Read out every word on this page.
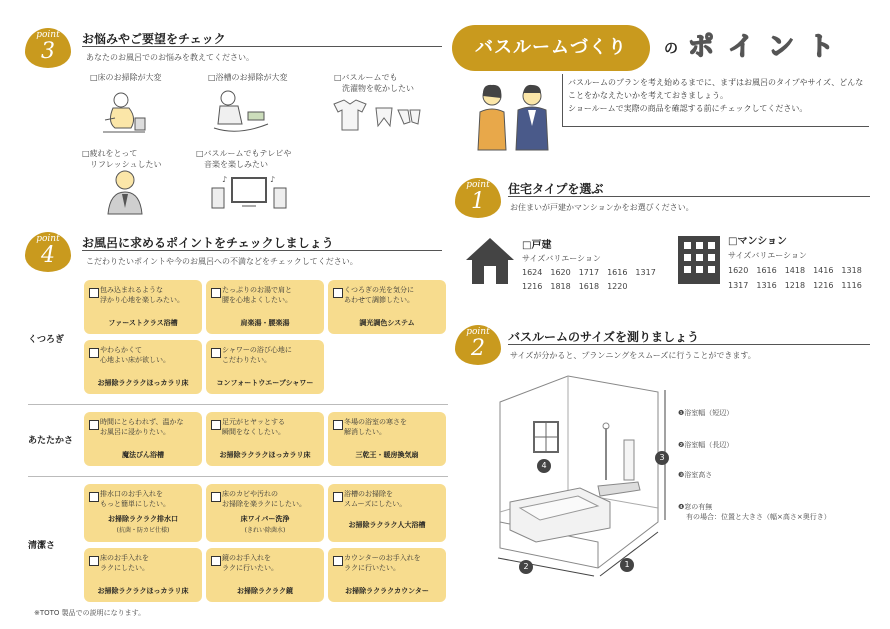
point
3	お悩みやご要望をチェック
あなたのお風呂でのお悩みを教えてください。
□床のお掃除が大変	□浴槽のお掃除が大変	□バスルームでも
　洗濯物を乾かしたい
□疲れをとって
　リフレッシュしたい
□バスルームでもテレビや
　音楽を楽しみたい
♪	♪
point
4	お風呂に求めるポイントをチェックしましょう
こだわりたいポイントや今のお風呂への不満などをチェックしてください。
くつろぎ
あたたかさ
清潔さ
包み込まれるような
浮かり心地を楽しみたい。
ファーストクラス浴槽
たっぷりのお湯で肩と
腰を心地よくしたい。
肩楽湯・腰楽湯
くつろぎの光を気分に
あわせて調節したい。
調光調色システム
やわらかくて
心地よい床が欲しい。
お掃除ラクラクほっカラリ床
シャワーの浴び心地に
こだわりたい。
コンフォートウエーブシャワー
時間にとらわれず、温かな
お風呂に浸かりたい。
魔法びん浴槽
足元がヒヤッとする
瞬間をなくしたい。
お掃除ラクラクほっカラリ床
冬場の浴室の寒さを
解消したい。
三乾王・暖房換気扇
排水口のお手入れを
もっと簡単にしたい。
お掃除ラクラク排水口
(抗菌・防カビ仕様)
床のカビや汚れの
お掃除を楽ラクにしたい。
床ワイパー洗浄
(きれい除菌水)
浴槽のお掃除を
スムーズにしたい。
お掃除ラクラク人大浴槽
床のお手入れを
ラクにしたい。
お掃除ラクラクほっカラリ床
鏡のお手入れを
ラクに行いたい。
お掃除ラクラク鏡
カウンターのお手入れを
ラクに行いたい。
お掃除ラクラクカウンター
※TOTO 製品での説明になります。
バスルームづくり	の ポイント
バスルームのプランを考え始めるまでに、まずはお風呂のタイプやサイズ、どんなことをかなえたいかを考えておきましょう。
ショールームで実際の商品を確認する前にチェックしてください。
point
1	住宅タイプを選ぶ
お住まいが戸建かマンションかをお選びください。
□戸建
サイズバリエーション
1624　1620　1717　1616　1317
1216　1818　1618　1220
□マンション
サイズバリエーション
1620　1616　1418　1416　1318
1317　1316　1218　1216　1116
point
2	バスルームのサイズを測りましょう
サイズが分かると、プランニングをスムーズに行うことができます。
4
3
2	1
❶浴室幅（短辺）
❷浴室幅（長辺）
❸浴室高さ
❹窓の有無
有の場合：位置と大きさ（幅×高さ×奥行き）
